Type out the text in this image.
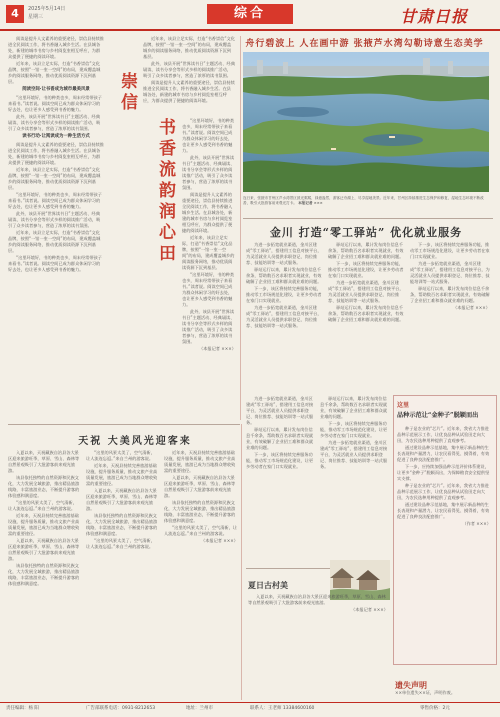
4	2025年5月14日
星期三	综合	甘肃日报

阅读是提升人文素养的重要途径，崇信县持续推进全民阅读工作，将书香融入城乡生活。在县城各处，新建的城市书房与乡村阅览室相互呼应，为群众提供了便捷的阅读环境。

近年来，该县立足实际，打造“书香崇信”文化品牌，按照“一馆一室一空间”的布局，建成覆盖城乡的阅读服务网络，推动优质阅读资源下沉到基层。

阅读空间·让书香成为城市最美风景

“这里环境好，书的种类也多，周末经常带孩子来看书。”读者说。阅读空间已成为群众休闲学习的好去处，也让更多人感受到书香的魅力。

此外，该县开展“世界读书日”主题活动、经典诵读、读书分享会等形式多样的阅读推广活动，吸引了众多读者参与，营造了浓厚的读书氛围。

读书行动·让阅读成为一种生活方式

阅读是提升人文素养的重要途径，崇信县持续推进全民阅读工作，将书香融入城乡生活。在县城各处，新建的城市书房与乡村阅览室相互呼应，为群众提供了便捷的阅读环境。

近年来，该县立足实际，打造“书香崇信”文化品牌，按照“一馆一室一空间”的布局，建成覆盖城乡的阅读服务网络，推动优质阅读资源下沉到基层。

“这里环境好，书的种类也多，周末经常带孩子来看书。”读者说。阅读空间已成为群众休闲学习的好去处，也让更多人感受到书香的魅力。

此外，该县开展“世界读书日”主题活动、经典诵读、读书分享会等形式多样的阅读推广活动，吸引了众多读者参与，营造了浓厚的读书氛围。

近年来，该县立足实际，打造“书香崇信”文化品牌，按照“一馆一室一空间”的布局，建成覆盖城乡的阅读服务网络，推动优质阅读资源下沉到基层。

“这里环境好，书的种类也多，周末经常带孩子来看书。”读者说。阅读空间已成为群众休闲学习的好去处，也让更多人感受到书香的魅力。

崇信
书香流韵润心田

近年来，该县立足实际，打造“书香崇信”文化品牌，按照“一馆一室一空间”的布局，建成覆盖城乡的阅读服务网络，推动优质阅读资源下沉到基层。

此外，该县开展“世界读书日”主题活动、经典诵读、读书分享会等形式多样的阅读推广活动，吸引了众多读者参与，营造了浓厚的读书氛围。

阅读是提升人文素养的重要途径，崇信县持续推进全民阅读工作，将书香融入城乡生活。在县城各处，新建的城市书房与乡村阅览室相互呼应，为群众提供了便捷的阅读环境。

“这里环境好，书的种类也多，周末经常带孩子来看书。”读者说。阅读空间已成为群众休闲学习的好去处，也让更多人感受到书香的魅力。

此外，该县开展“世界读书日”主题活动、经典诵读、读书分享会等形式多样的阅读推广活动，吸引了众多读者参与，营造了浓厚的读书氛围。

阅读是提升人文素养的重要途径，崇信县持续推进全民阅读工作，将书香融入城乡生活。在县城各处，新建的城市书房与乡村阅览室相互呼应，为群众提供了便捷的阅读环境。

近年来，该县立足实际，打造“书香崇信”文化品牌，按照“一馆一室一空间”的布局，建成覆盖城乡的阅读服务网络，推动优质阅读资源下沉到基层。

“这里环境好，书的种类也多，周末经常带孩子来看书。”读者说。阅读空间已成为群众休闲学习的好去处，也让更多人感受到书香的魅力。

此外，该县开展“世界读书日”主题活动、经典诵读、读书分享会等形式多样的阅读推广活动，吸引了众多读者参与，营造了浓厚的读书氛围。

（本报记者 ×××）

舟行碧波上 人在画中游 张掖芦水湾勾勒诗意生态美学
连日来，张掖市甘州区芦水湾景区波光粼粼，绿意盎然，游客泛舟湖上，尽享湿地美景。近年来，甘州区持续推进生态保护和修复，湿地生态环境不断改善，吸引大批游客前来观光打卡。 本报记者 ×××
金川 打造“零工驿站” 优化就业服务

为进一步拓宽就业渠道，金川区建成“零工驿站”，搭建用工信息对接平台，为灵活就业人员提供求职登记、岗位推荐、技能培训等一站式服务。

驿站运行以来，累计发布岗位信息千余条，帮助数百名求职者实现就业，有效破解了企业招工难和群众就业难的问题。

下一步，该区将持续完善服务功能，推动零工市场规范化建设，让更多劳动者在家门口实现就业。

为进一步拓宽就业渠道，金川区建成“零工驿站”，搭建用工信息对接平台，为灵活就业人员提供求职登记、岗位推荐、技能培训等一站式服务。

驿站运行以来，累计发布岗位信息千余条，帮助数百名求职者实现就业，有效破解了企业招工难和群众就业难的问题。

下一步，该区将持续完善服务功能，推动零工市场规范化建设，让更多劳动者在家门口实现就业。

为进一步拓宽就业渠道，金川区建成“零工驿站”，搭建用工信息对接平台，为灵活就业人员提供求职登记、岗位推荐、技能培训等一站式服务。

驿站运行以来，累计发布岗位信息千余条，帮助数百名求职者实现就业，有效破解了企业招工难和群众就业难的问题。

下一步，该区将持续完善服务功能，推动零工市场规范化建设，让更多劳动者在家门口实现就业。

为进一步拓宽就业渠道，金川区建成“零工驿站”，搭建用工信息对接平台，为灵活就业人员提供求职登记、岗位推荐、技能培训等一站式服务。

驿站运行以来，累计发布岗位信息千余条，帮助数百名求职者实现就业，有效破解了企业招工难和群众就业难的问题。

（本报记者 ×××）

天祝 大美风光迎客来

入夏以来，天祝藏族自治县各大景区迎来旅游旺季，草原、雪山、森林等自然景观吸引了大批游客前来观光旅游。

该县依托独特的自然资源和民族文化，大力发展全域旅游，推出精品旅游线路，丰富旅游业态，不断提升游客的体验感和满意度。

“这里的风景太美了，空气清新，让人流连忘返。”来自兰州的游客说。

近年来，天祝县持续完善旅游基础设施，提升服务质量，推动文旅产业高质量发展，旅游已成为当地群众增收致富的重要途径。

入夏以来，天祝藏族自治县各大景区迎来旅游旺季，草原、雪山、森林等自然景观吸引了大批游客前来观光旅游。

该县依托独特的自然资源和民族文化，大力发展全域旅游，推出精品旅游线路，丰富旅游业态，不断提升游客的体验感和满意度。

“这里的风景太美了，空气清新，让人流连忘返。”来自兰州的游客说。

近年来，天祝县持续完善旅游基础设施，提升服务质量，推动文旅产业高质量发展，旅游已成为当地群众增收致富的重要途径。

入夏以来，天祝藏族自治县各大景区迎来旅游旺季，草原、雪山、森林等自然景观吸引了大批游客前来观光旅游。

该县依托独特的自然资源和民族文化，大力发展全域旅游，推出精品旅游线路，丰富旅游业态，不断提升游客的体验感和满意度。

“这里的风景太美了，空气清新，让人流连忘返。”来自兰州的游客说。

近年来，天祝县持续完善旅游基础设施，提升服务质量，推动文旅产业高质量发展，旅游已成为当地群众增收致富的重要途径。

入夏以来，天祝藏族自治县各大景区迎来旅游旺季，草原、雪山、森林等自然景观吸引了大批游客前来观光旅游。

该县依托独特的自然资源和民族文化，大力发展全域旅游，推出精品旅游线路，丰富旅游业态，不断提升游客的体验感和满意度。

“这里的风景太美了，空气清新，让人流连忘返。”来自兰州的游客说。

（本报记者 ×××）

为进一步拓宽就业渠道，金川区建成“零工驿站”，搭建用工信息对接平台，为灵活就业人员提供求职登记、岗位推荐、技能培训等一站式服务。

驿站运行以来，累计发布岗位信息千余条，帮助数百名求职者实现就业，有效破解了企业招工难和群众就业难的问题。

下一步，该区将持续完善服务功能，推动零工市场规范化建设，让更多劳动者在家门口实现就业。

驿站运行以来，累计发布岗位信息千余条，帮助数百名求职者实现就业，有效破解了企业招工难和群众就业难的问题。

下一步，该区将持续完善服务功能，推动零工市场规范化建设，让更多劳动者在家门口实现就业。

为进一步拓宽就业渠道，金川区建成“零工驿站”，搭建用工信息对接平台，为灵活就业人员提供求职登记、岗位推荐、技能培训等一站式服务。

这里
品种示范让“金种子”脱颖而出

种子是农业的“芯片”。近年来，我省大力推进品种示范展示工作，让优良品种从试验田走向大田，为农民选种用种提供了直观参考。

通过建设品种示范基地，集中展示新品种的生长表现和产量潜力，让农民看得见、摸得着，有效促进了良种良法配套推广。

下一步，应持续加强品种示范评价体系建设，让更多“金种子”脱颖而出，为保障粮食安全提供坚实支撑。

种子是农业的“芯片”。近年来，我省大力推进品种示范展示工作，让优良品种从试验田走向大田，为农民选种用种提供了直观参考。

通过建设品种示范基地，集中展示新品种的生长表现和产量潜力，让农民看得见、摸得着，有效促进了良种良法配套推广。

（作者 ×××）

夏日古村美

入夏以来，天祝藏族自治县各大景区迎来旅游旺季，草原、雪山、森林等自然景观吸引了大批游客前来观光旅游。

（本报记者 ×××）

遗失声明
××单位遗失××证，声明作废。
责任编辑：杨 阳	广告部联系电话：0931-8212653	地址：兰州市	联系人：王老师 13384600160	零售价格：2元
